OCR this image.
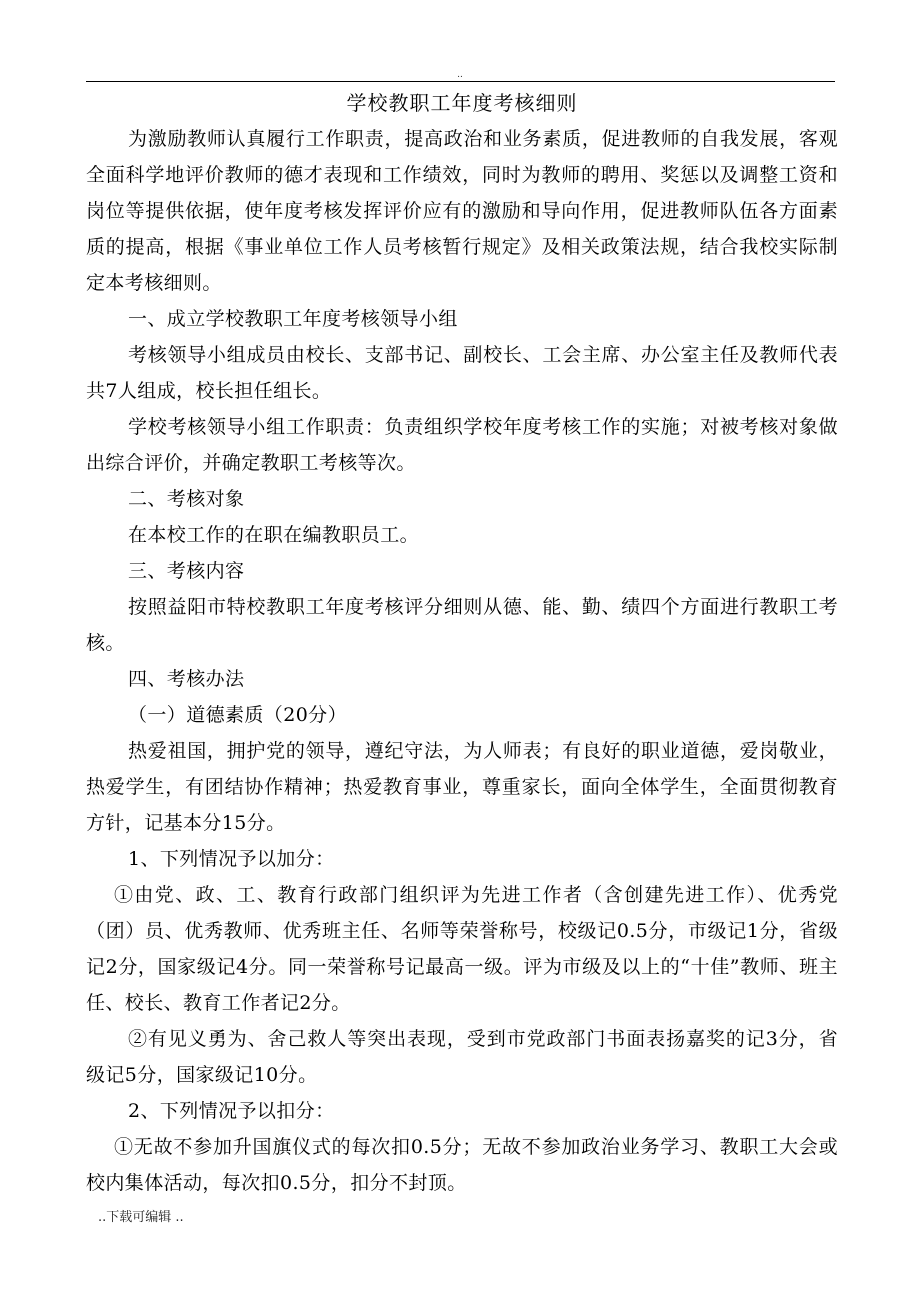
..

学校教职工年度考核细则

为激励教师认真履行工作职责，提高政治和业务素质，促进教师的自我发展，客观全面科学地评价教师的德才表现和工作绩效，同时为教师的聘用、奖惩以及调整工资和岗位等提供依据，使年度考核发挥评价应有的激励和导向作用，促进教师队伍各方面素质的提高，根据《事业单位工作人员考核暂行规定》及相关政策法规，结合我校实际制定本考核细则。

一、成立学校教职工年度考核领导小组

考核领导小组成员由校长、支部书记、副校长、工会主席、办公室主任及教师代表共7人组成，校长担任组长。

学校考核领导小组工作职责：负责组织学校年度考核工作的实施；对被考核对象做出综合评价，并确定教职工考核等次。

二、考核对象

在本校工作的在职在编教职员工。

三、考核内容

按照益阳市特校教职工年度考核评分细则从德、能、勤、绩四个方面进行教职工考核。

四、考核办法

（一）道德素质（20分）

热爱祖国，拥护党的领导，遵纪守法，为人师表；有良好的职业道德，爱岗敬业，热爱学生，有团结协作精神；热爱教育事业，尊重家长，面向全体学生，全面贯彻教育方针，记基本分15分。

1、下列情况予以加分：

①由党、政、工、教育行政部门组织评为先进工作者（含创建先进工作）、优秀党（团）员、优秀教师、优秀班主任、名师等荣誉称号，校级记0.5分，市级记1分，省级记2分，国家级记4分。同一荣誉称号记最高一级。评为市级及以上的“十佳”教师、班主任、校长、教育工作者记2分。

②有见义勇为、舍己救人等突出表现，受到市党政部门书面表扬嘉奖的记3分，省级记5分，国家级记10分。

2、下列情况予以扣分：

①无故不参加升国旗仪式的每次扣0.5分；无故不参加政治业务学习、教职工大会或校内集体活动，每次扣0.5分，扣分不封顶。

..下载可编辑 ..
